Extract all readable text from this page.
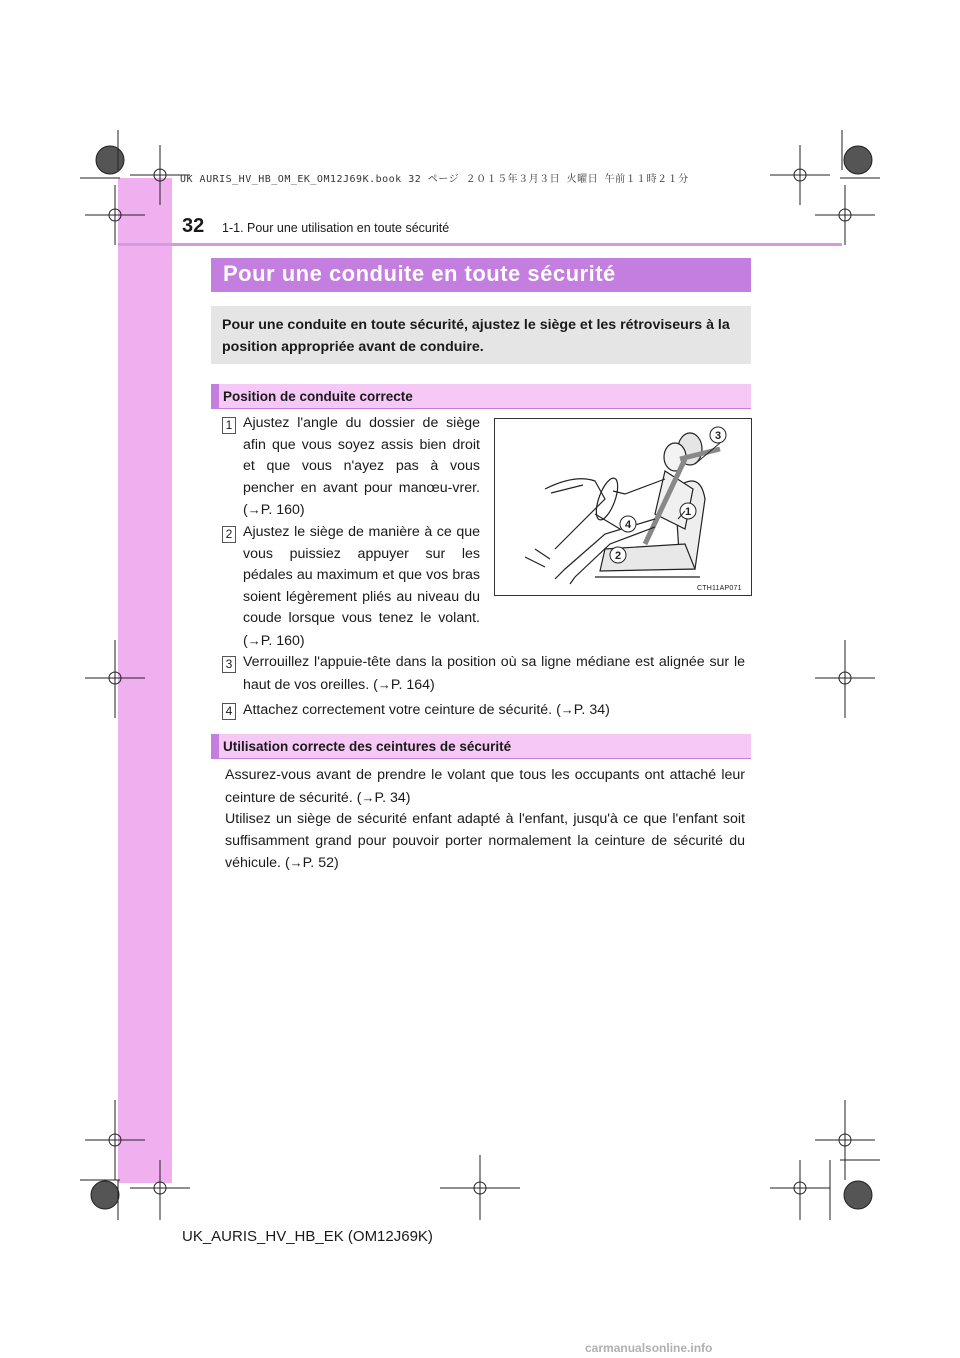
UK AURIS_HV_HB_OM_EK_OM12J69K.book 32 ページ ２０１５年３月３日 火曜日 午前１１時２１分
32 1-1. Pour une utilisation en toute sécurité
Pour une conduite en toute sécurité
Pour une conduite en toute sécurité, ajustez le siège et les rétroviseurs à la position appropriée avant de conduire.
Position de conduite correcte
1 Ajustez l'angle du dossier de siège afin que vous soyez assis bien droit et que vous n'ayez pas à vous pencher en avant pour manœu-vrer. (→P. 160)
2 Ajustez le siège de manière à ce que vous puissiez appuyer sur les pédales au maximum et que vos bras soient légèrement pliés au niveau du coude lorsque vous tenez le volant. (→P. 160)
3
1
4
2
CTH11AP071
3 Verrouillez l'appuie-tête dans la position où sa ligne médiane est alignée sur le haut de vos oreilles. (→P. 164)
4 Attachez correctement votre ceinture de sécurité. (→P. 34)
Utilisation correcte des ceintures de sécurité
Assurez-vous avant de prendre le volant que tous les occupants ont attaché leur ceinture de sécurité. (→P. 34)
Utilisez un siège de sécurité enfant adapté à l'enfant, jusqu'à ce que l'enfant soit suffisamment grand pour pouvoir porter normalement la ceinture de sécurité du véhicule. (→P. 52)
UK_AURIS_HV_HB_EK (OM12J69K)
carmanualsonline.info
